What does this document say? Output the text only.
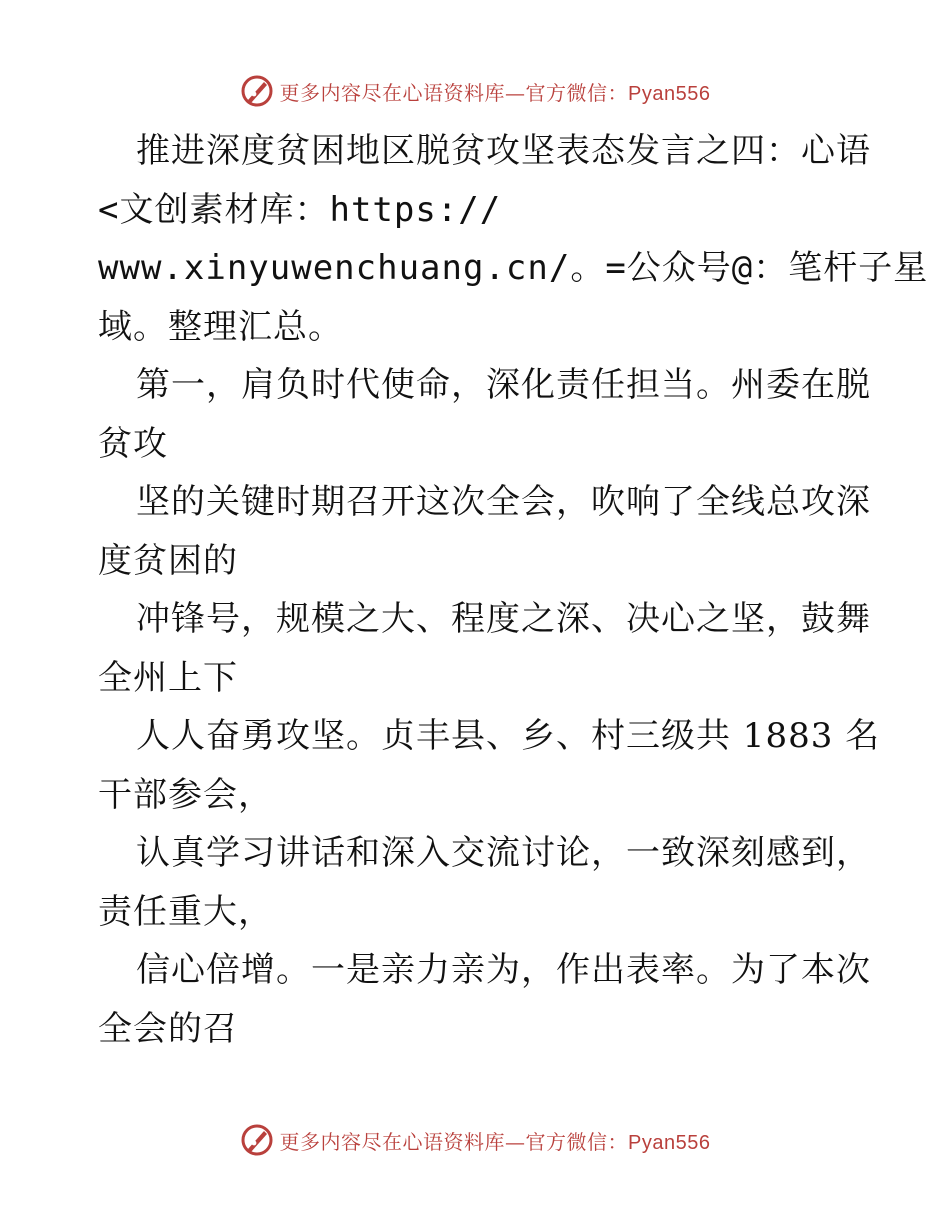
更多内容尽在心语资料库—官方微信：Pyan556
推进深度贫困地区脱贫攻坚表态发言之四：心语
<文创素材库：https://
www.xinyuwenchuang.cn/。=公众号@：笔杆子星
域。整理汇总。
第一，肩负时代使命，深化责任担当。州委在脱
贫攻
坚的关键时期召开这次全会，吹响了全线总攻深
度贫困的
冲锋号，规模之大、程度之深、决心之坚，鼓舞
全州上下
人人奋勇攻坚。贞丰县、乡、村三级共 1883 名
干部参会，
认真学习讲话和深入交流讨论，一致深刻感到，
责任重大，
信心倍增。一是亲力亲为，作出表率。为了本次
全会的召
更多内容尽在心语资料库—官方微信：Pyan556
